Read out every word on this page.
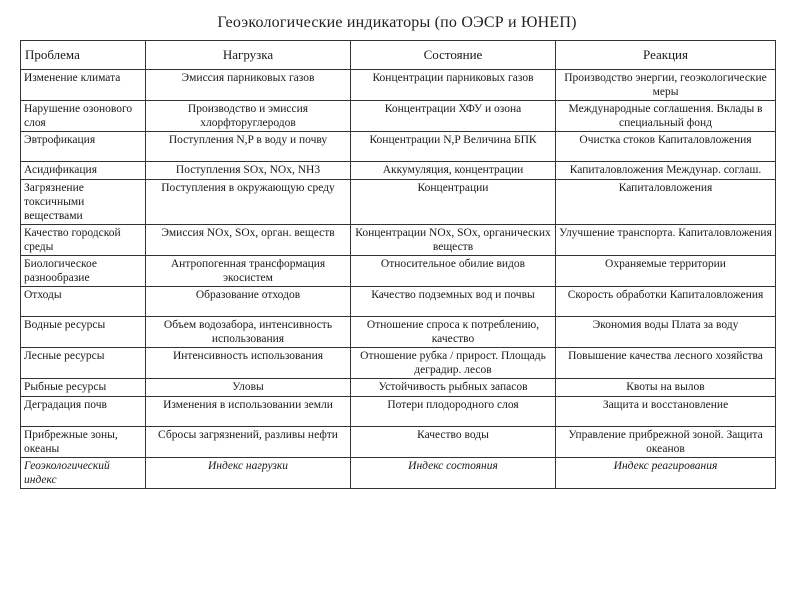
Геоэкологические индикаторы (по ОЭСР и ЮНЕП)
Проблема	Нагрузка	Состояние	Реакция
Изменение климата	Эмиссия парниковых газов	Концентрации парниковых газов	Производство энергии, геоэкологические меры
Нарушение озонового слоя	Производство и эмиссия хлорфторуглеродов	Концентрации ХФУ и озона	Международные соглашения. Вклады в специальный фонд
Эвтрофикация	Поступления N,P в воду и почву	Концентрации N,P Величина БПК	Очистка стоков Капиталовложения
Асидификация	Поступления SOx, NOx, NH3	Аккумуляция, концентрации	Капиталовложения Междунар. соглаш.
Загрязнение токсичными веществами	Поступления в окружающую среду	Концентрации	Капиталовложения
Качество городской среды	Эмиссия NOx, SOx, орган. веществ	Концентрации NOx, SOx, органических веществ	Улучшение транспорта. Капиталовложения
Биологическое разнообразие	Антропогенная трансформация экосистем	Относительное обилие видов	Охраняемые территории
Отходы	Образование отходов	Качество подземных вод и почвы	Скорость обработки Капиталовложения
Водные ресурсы	Объем водозабора, интенсивность использования	Отношение спроса к потреблению, качество	Экономия воды Плата за воду
Лесные ресурсы	Интенсивность использования	Отношение рубка / прирост. Площадь деградир. лесов	Повышение качества лесного хозяйства
Рыбные ресурсы	Уловы	Устойчивость рыбных запасов	Квоты на вылов
Деградация почв	Изменения в использовании земли	Потери плодородного слоя	Защита и восстановление
Прибрежные зоны, океаны	Сбросы загрязнений, разливы нефти	Качество воды	Управление прибрежной зоной. Защита океанов
Геоэкологический индекс	Индекс нагрузки	Индекс состояния	Индекс реагирования
